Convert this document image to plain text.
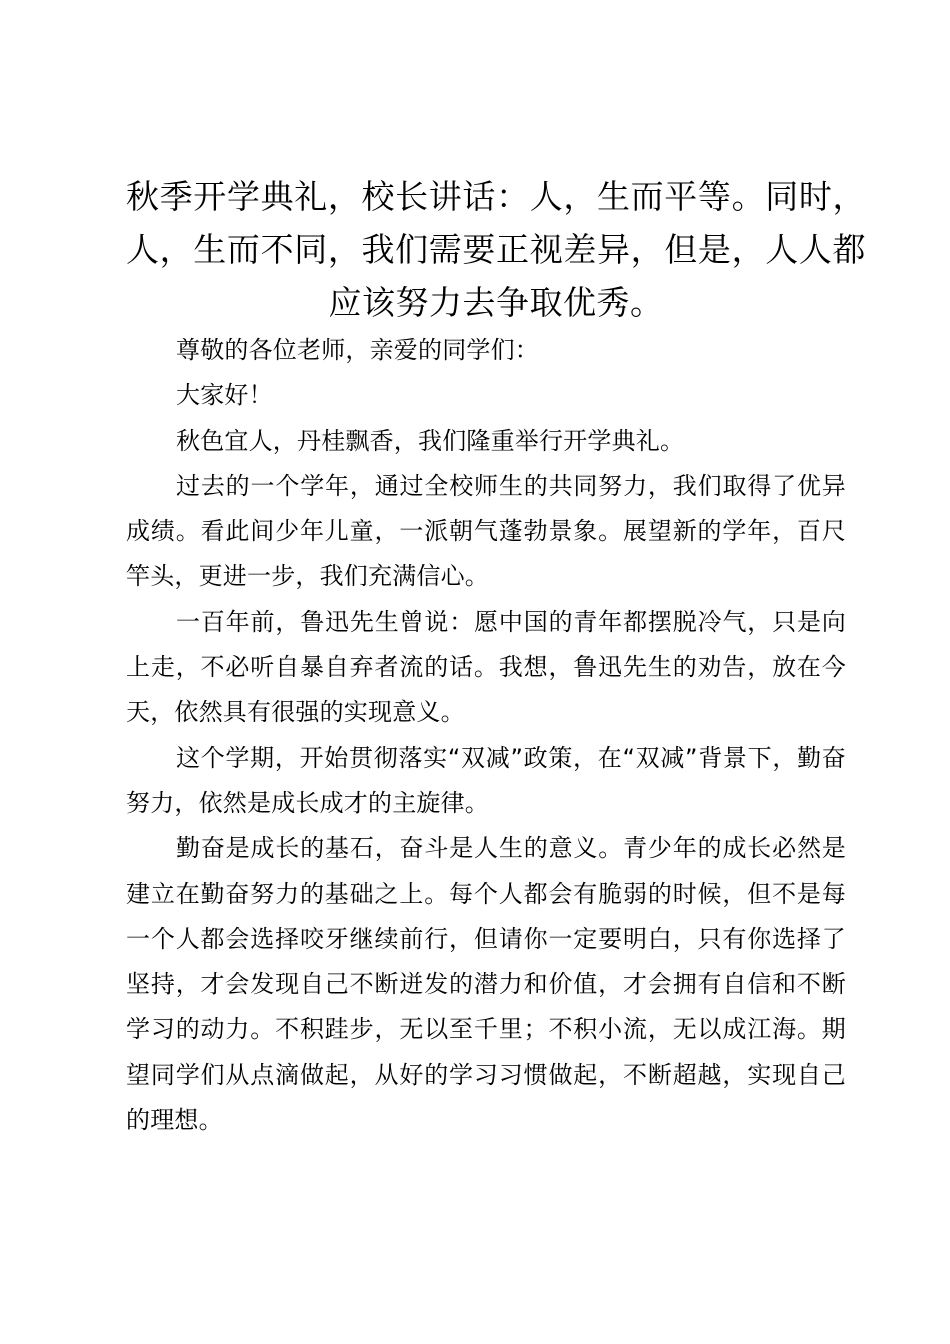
秋季开学典礼，校长讲话：人，生而平等。同时，人，生而不同，我们需要正视差异，但是，人人都应该努力去争取优秀。

尊敬的各位老师，亲爱的同学们：

大家好！

秋色宜人，丹桂飘香，我们隆重举行开学典礼。

过去的一个学年，通过全校师生的共同努力，我们取得了优异成绩。看此间少年儿童，一派朝气蓬勃景象。展望新的学年，百尺竿头，更进一步，我们充满信心。

一百年前，鲁迅先生曾说：愿中国的青年都摆脱冷气，只是向上走，不必听自暴自弃者流的话。我想，鲁迅先生的劝告，放在今天，依然具有很强的实现意义。

这个学期，开始贯彻落实“双减”政策，在“双减”背景下，勤奋努力，依然是成长成才的主旋律。

勤奋是成长的基石，奋斗是人生的意义。青少年的成长必然是建立在勤奋努力的基础之上。每个人都会有脆弱的时候，但不是每一个人都会选择咬牙继续前行，但请你一定要明白，只有你选择了坚持，才会发现自己不断迸发的潜力和价值，才会拥有自信和不断学习的动力。不积跬步，无以至千里；不积小流，无以成江海。期望同学们从点滴做起，从好的学习习惯做起，不断超越，实现自己的理想。
